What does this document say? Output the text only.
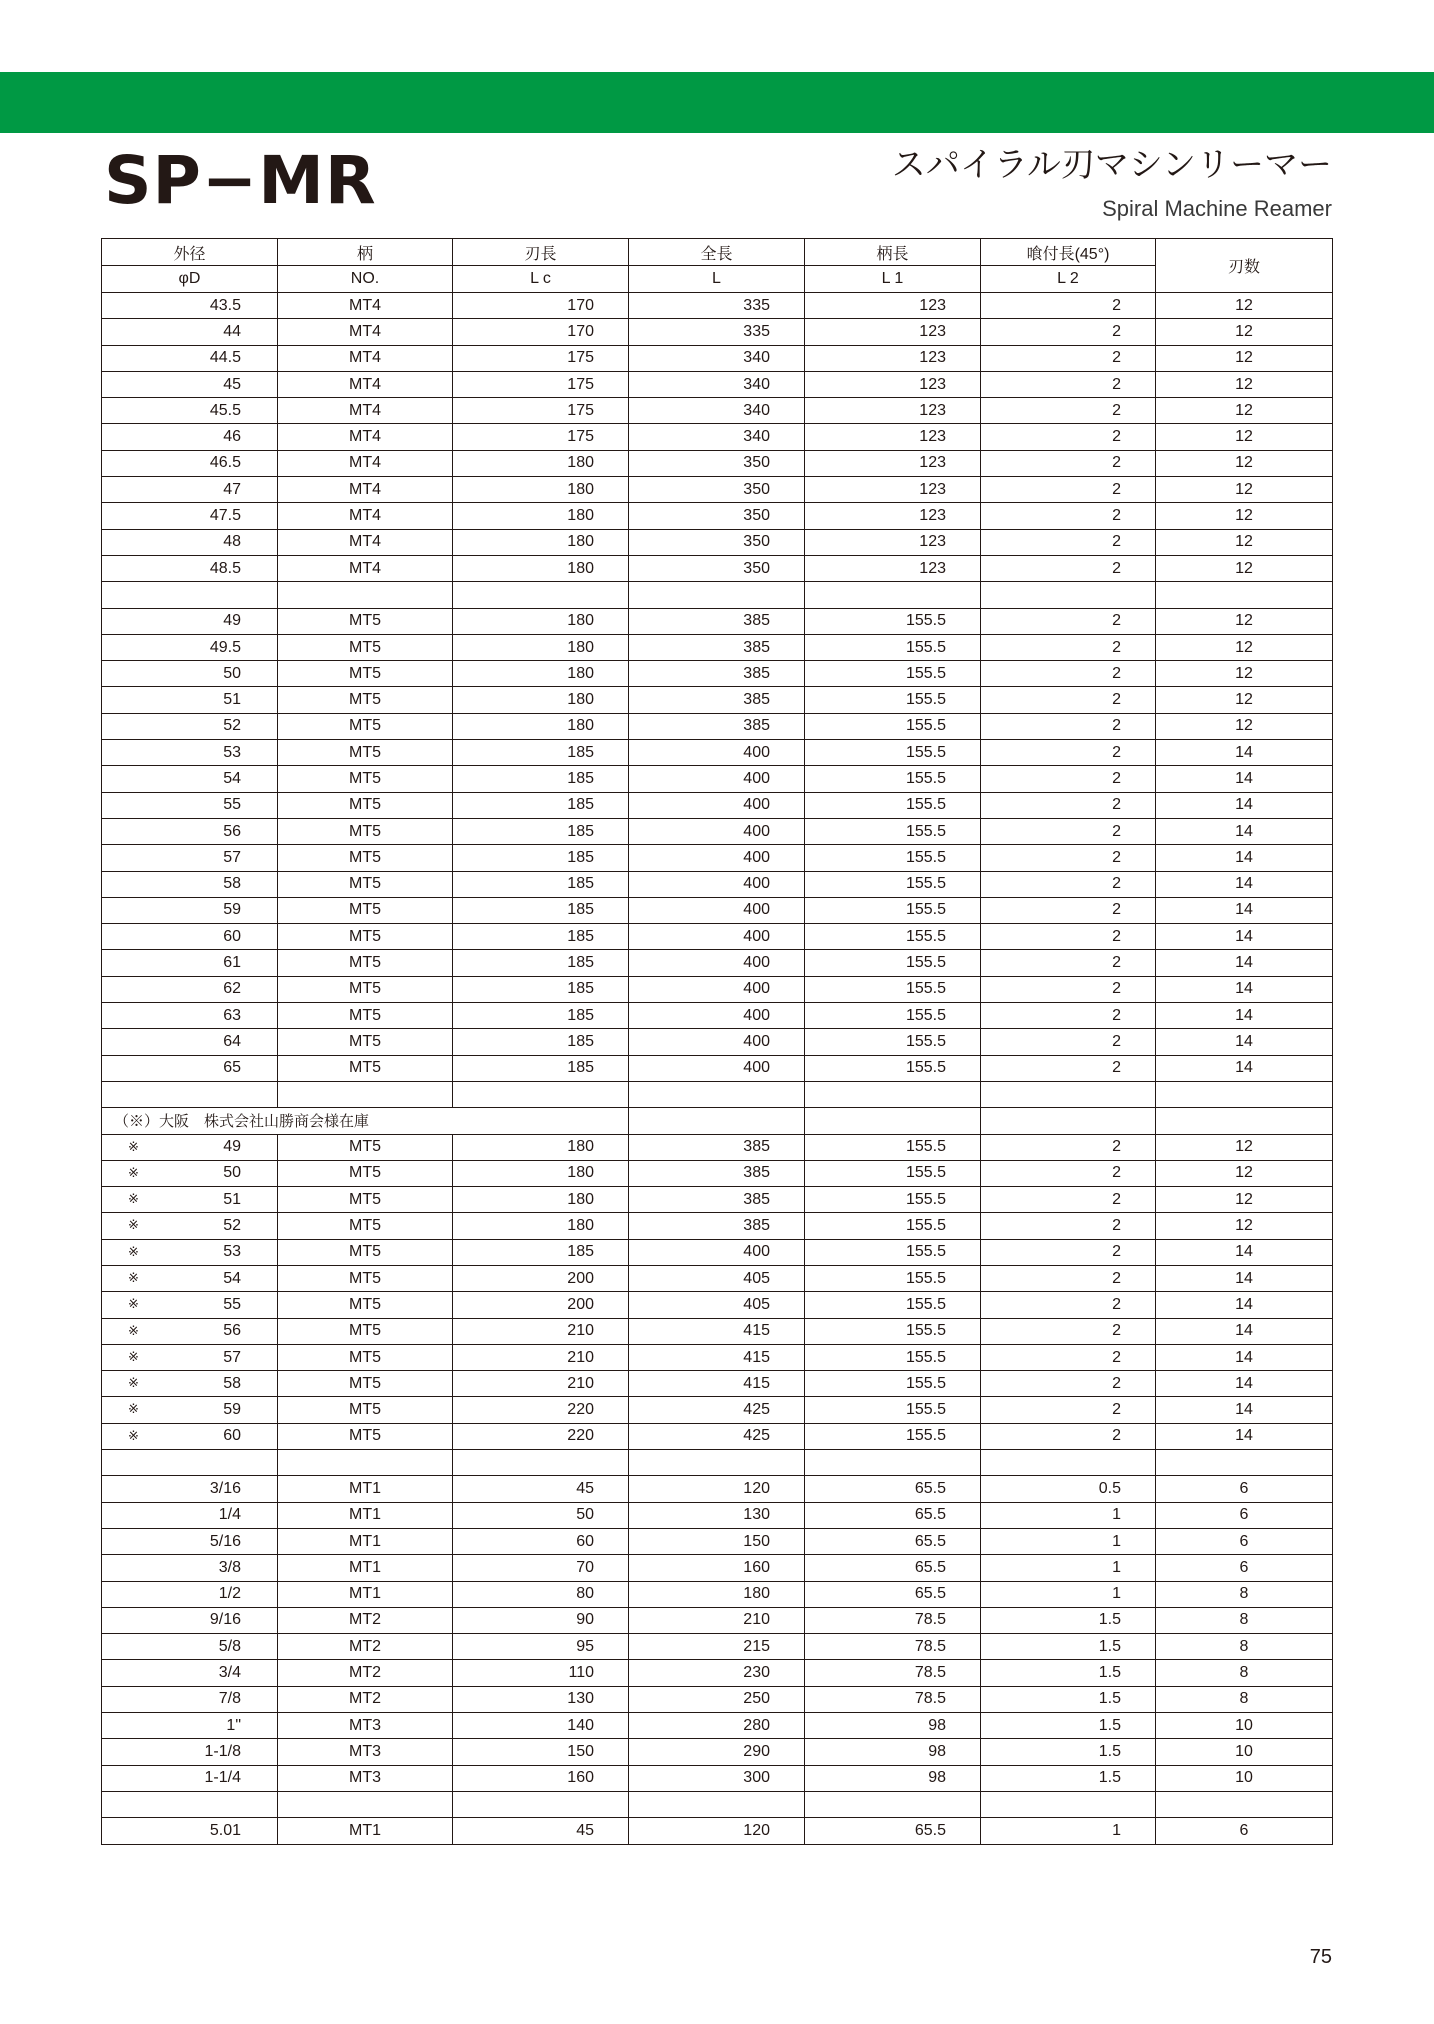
SP−MR	スパイラル刃マシンリーマー
Spiral Machine Reamer
外径	柄	刃長	全長	柄長	喰付長(45°)	刃数
φD	NO.	L c	L	L 1	L 2	
43.5	MT4	170	335	123	2	12
44	MT4	170	335	123	2	12
44.5	MT4	175	340	123	2	12
45	MT4	175	340	123	2	12
45.5	MT4	175	340	123	2	12
46	MT4	175	340	123	2	12
46.5	MT4	180	350	123	2	12
47	MT4	180	350	123	2	12
47.5	MT4	180	350	123	2	12
48	MT4	180	350	123	2	12
48.5	MT4	180	350	123	2	12

49	MT5	180	385	155.5	2	12
49.5	MT5	180	385	155.5	2	12
50	MT5	180	385	155.5	2	12
51	MT5	180	385	155.5	2	12
52	MT5	180	385	155.5	2	12
53	MT5	185	400	155.5	2	14
54	MT5	185	400	155.5	2	14
55	MT5	185	400	155.5	2	14
56	MT5	185	400	155.5	2	14
57	MT5	185	400	155.5	2	14
58	MT5	185	400	155.5	2	14
59	MT5	185	400	155.5	2	14
60	MT5	185	400	155.5	2	14
61	MT5	185	400	155.5	2	14
62	MT5	185	400	155.5	2	14
63	MT5	185	400	155.5	2	14
64	MT5	185	400	155.5	2	14
65	MT5	185	400	155.5	2	14

（※）大阪　株式会社山勝商会様在庫						

※ 49	MT5	180	385	155.5	2	12

※ 50	MT5	180	385	155.5	2	12

※ 51	MT5	180	385	155.5	2	12

※ 52	MT5	180	385	155.5	2	12

※ 53	MT5	185	400	155.5	2	14

※ 54	MT5	200	405	155.5	2	14

※ 55	MT5	200	405	155.5	2	14

※ 56	MT5	210	415	155.5	2	14

※ 57	MT5	210	415	155.5	2	14

※ 58	MT5	210	415	155.5	2	14

※ 59	MT5	220	425	155.5	2	14

※ 60	MT5	220	425	155.5	2	14

3/16	MT1	45	120	65.5	0.5	6
1/4	MT1	50	130	65.5	1	6
5/16	MT1	60	150	65.5	1	6
3/8	MT1	70	160	65.5	1	6
1/2	MT1	80	180	65.5	1	8
9/16	MT2	90	210	78.5	1.5	8
5/8	MT2	95	215	78.5	1.5	8
3/4	MT2	110	230	78.5	1.5	8
7/8	MT2	130	250	78.5	1.5	8
1"	MT3	140	280	98	1.5	10
1-1/8	MT3	150	290	98	1.5	10
1-1/4	MT3	160	300	98	1.5	10

5.01	MT1	45	120	65.5	1	6
75
